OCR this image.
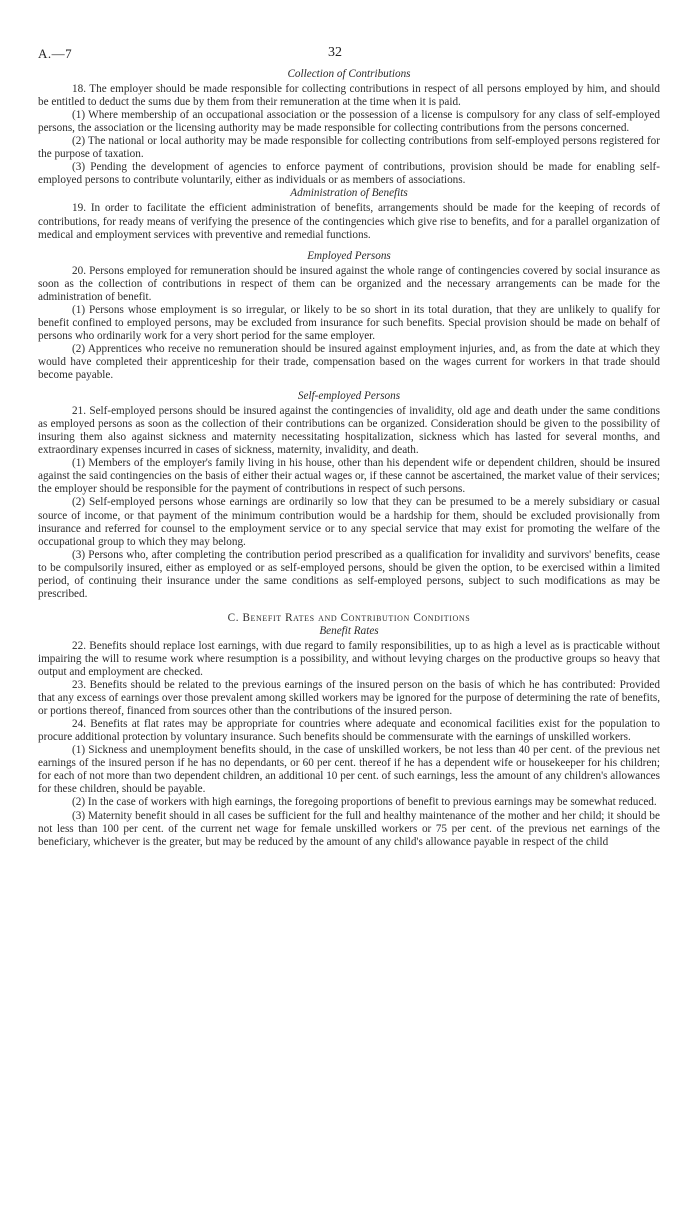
A.—7	32
Collection of Contributions

18. The employer should be made responsible for collecting contributions in respect of all persons employed by him, and should be entitled to deduct the sums due by them from their remuneration at the time when it is paid.

(1) Where membership of an occupational association or the possession of a license is compulsory for any class of self-employed persons, the association or the licensing authority may be made responsible for collecting contributions from the persons concerned.

(2) The national or local authority may be made responsible for collecting contributions from self-employed persons registered for the purpose of taxation.

(3) Pending the development of agencies to enforce payment of contributions, provision should be made for enabling self-employed persons to contribute voluntarily, either as individuals or as members of associations.

Administration of Benefits

19. In order to facilitate the efficient administration of benefits, arrangements should be made for the keeping of records of contributions, for ready means of verifying the presence of the contingencies which give rise to benefits, and for a parallel organization of medical and employment services with preventive and remedial functions.

Employed Persons

20. Persons employed for remuneration should be insured against the whole range of contingencies covered by social insurance as soon as the collection of contributions in respect of them can be organized and the necessary arrangements can be made for the administration of benefit.

(1) Persons whose employment is so irregular, or likely to be so short in its total duration, that they are unlikely to qualify for benefit confined to employed persons, may be excluded from insurance for such benefits. Special provision should be made on behalf of persons who ordinarily work for a very short period for the same employer.

(2) Apprentices who receive no remuneration should be insured against employment injuries, and, as from the date at which they would have completed their apprenticeship for their trade, compensation based on the wages current for workers in that trade should become payable.

Self-employed Persons

21. Self-employed persons should be insured against the contingencies of invalidity, old age and death under the same conditions as employed persons as soon as the collection of their contributions can be organized. Consideration should be given to the possibility of insuring them also against sickness and maternity necessitating hospitalization, sickness which has lasted for several months, and extraordinary expenses incurred in cases of sickness, maternity, invalidity, and death.

(1) Members of the employer's family living in his house, other than his dependent wife or dependent children, should be insured against the said contingencies on the basis of either their actual wages or, if these cannot be ascertained, the market value of their services; the employer should be responsible for the payment of contributions in respect of such persons.

(2) Self-employed persons whose earnings are ordinarily so low that they can be presumed to be a merely subsidiary or casual source of income, or that payment of the minimum contribution would be a hardship for them, should be excluded provisionally from insurance and referred for counsel to the employment service or to any special service that may exist for promoting the welfare of the occupational group to which they may belong.

(3) Persons who, after completing the contribution period prescribed as a qualification for invalidity and survivors' benefits, cease to be compulsorily insured, either as employed or as self-employed persons, should be given the option, to be exercised within a limited period, of continuing their insurance under the same conditions as self-employed persons, subject to such modifications as may be prescribed.

C. Benefit Rates and Contribution Conditions
Benefit Rates

22. Benefits should replace lost earnings, with due regard to family responsibilities, up to as high a level as is practicable without impairing the will to resume work where resumption is a possibility, and without levying charges on the productive groups so heavy that output and employment are checked.

23. Benefits should be related to the previous earnings of the insured person on the basis of which he has contributed: Provided that any excess of earnings over those prevalent among skilled workers may be ignored for the purpose of determining the rate of benefits, or portions thereof, financed from sources other than the contributions of the insured person.

24. Benefits at flat rates may be appropriate for countries where adequate and economical facilities exist for the population to procure additional protection by voluntary insurance. Such benefits should be commensurate with the earnings of unskilled workers.

(1) Sickness and unemployment benefits should, in the case of unskilled workers, be not less than 40 per cent. of the previous net earnings of the insured person if he has no dependants, or 60 per cent. thereof if he has a dependent wife or housekeeper for his children; for each of not more than two dependent children, an additional 10 per cent. of such earnings, less the amount of any children's allowances for these children, should be payable.

(2) In the case of workers with high earnings, the foregoing proportions of benefit to previous earnings may be somewhat reduced.

(3) Maternity benefit should in all cases be sufficient for the full and healthy maintenance of the mother and her child; it should be not less than 100 per cent. of the current net wage for female unskilled workers or 75 per cent. of the previous net earnings of the beneficiary, whichever is the greater, but may be reduced by the amount of any child's allowance payable in respect of the child
